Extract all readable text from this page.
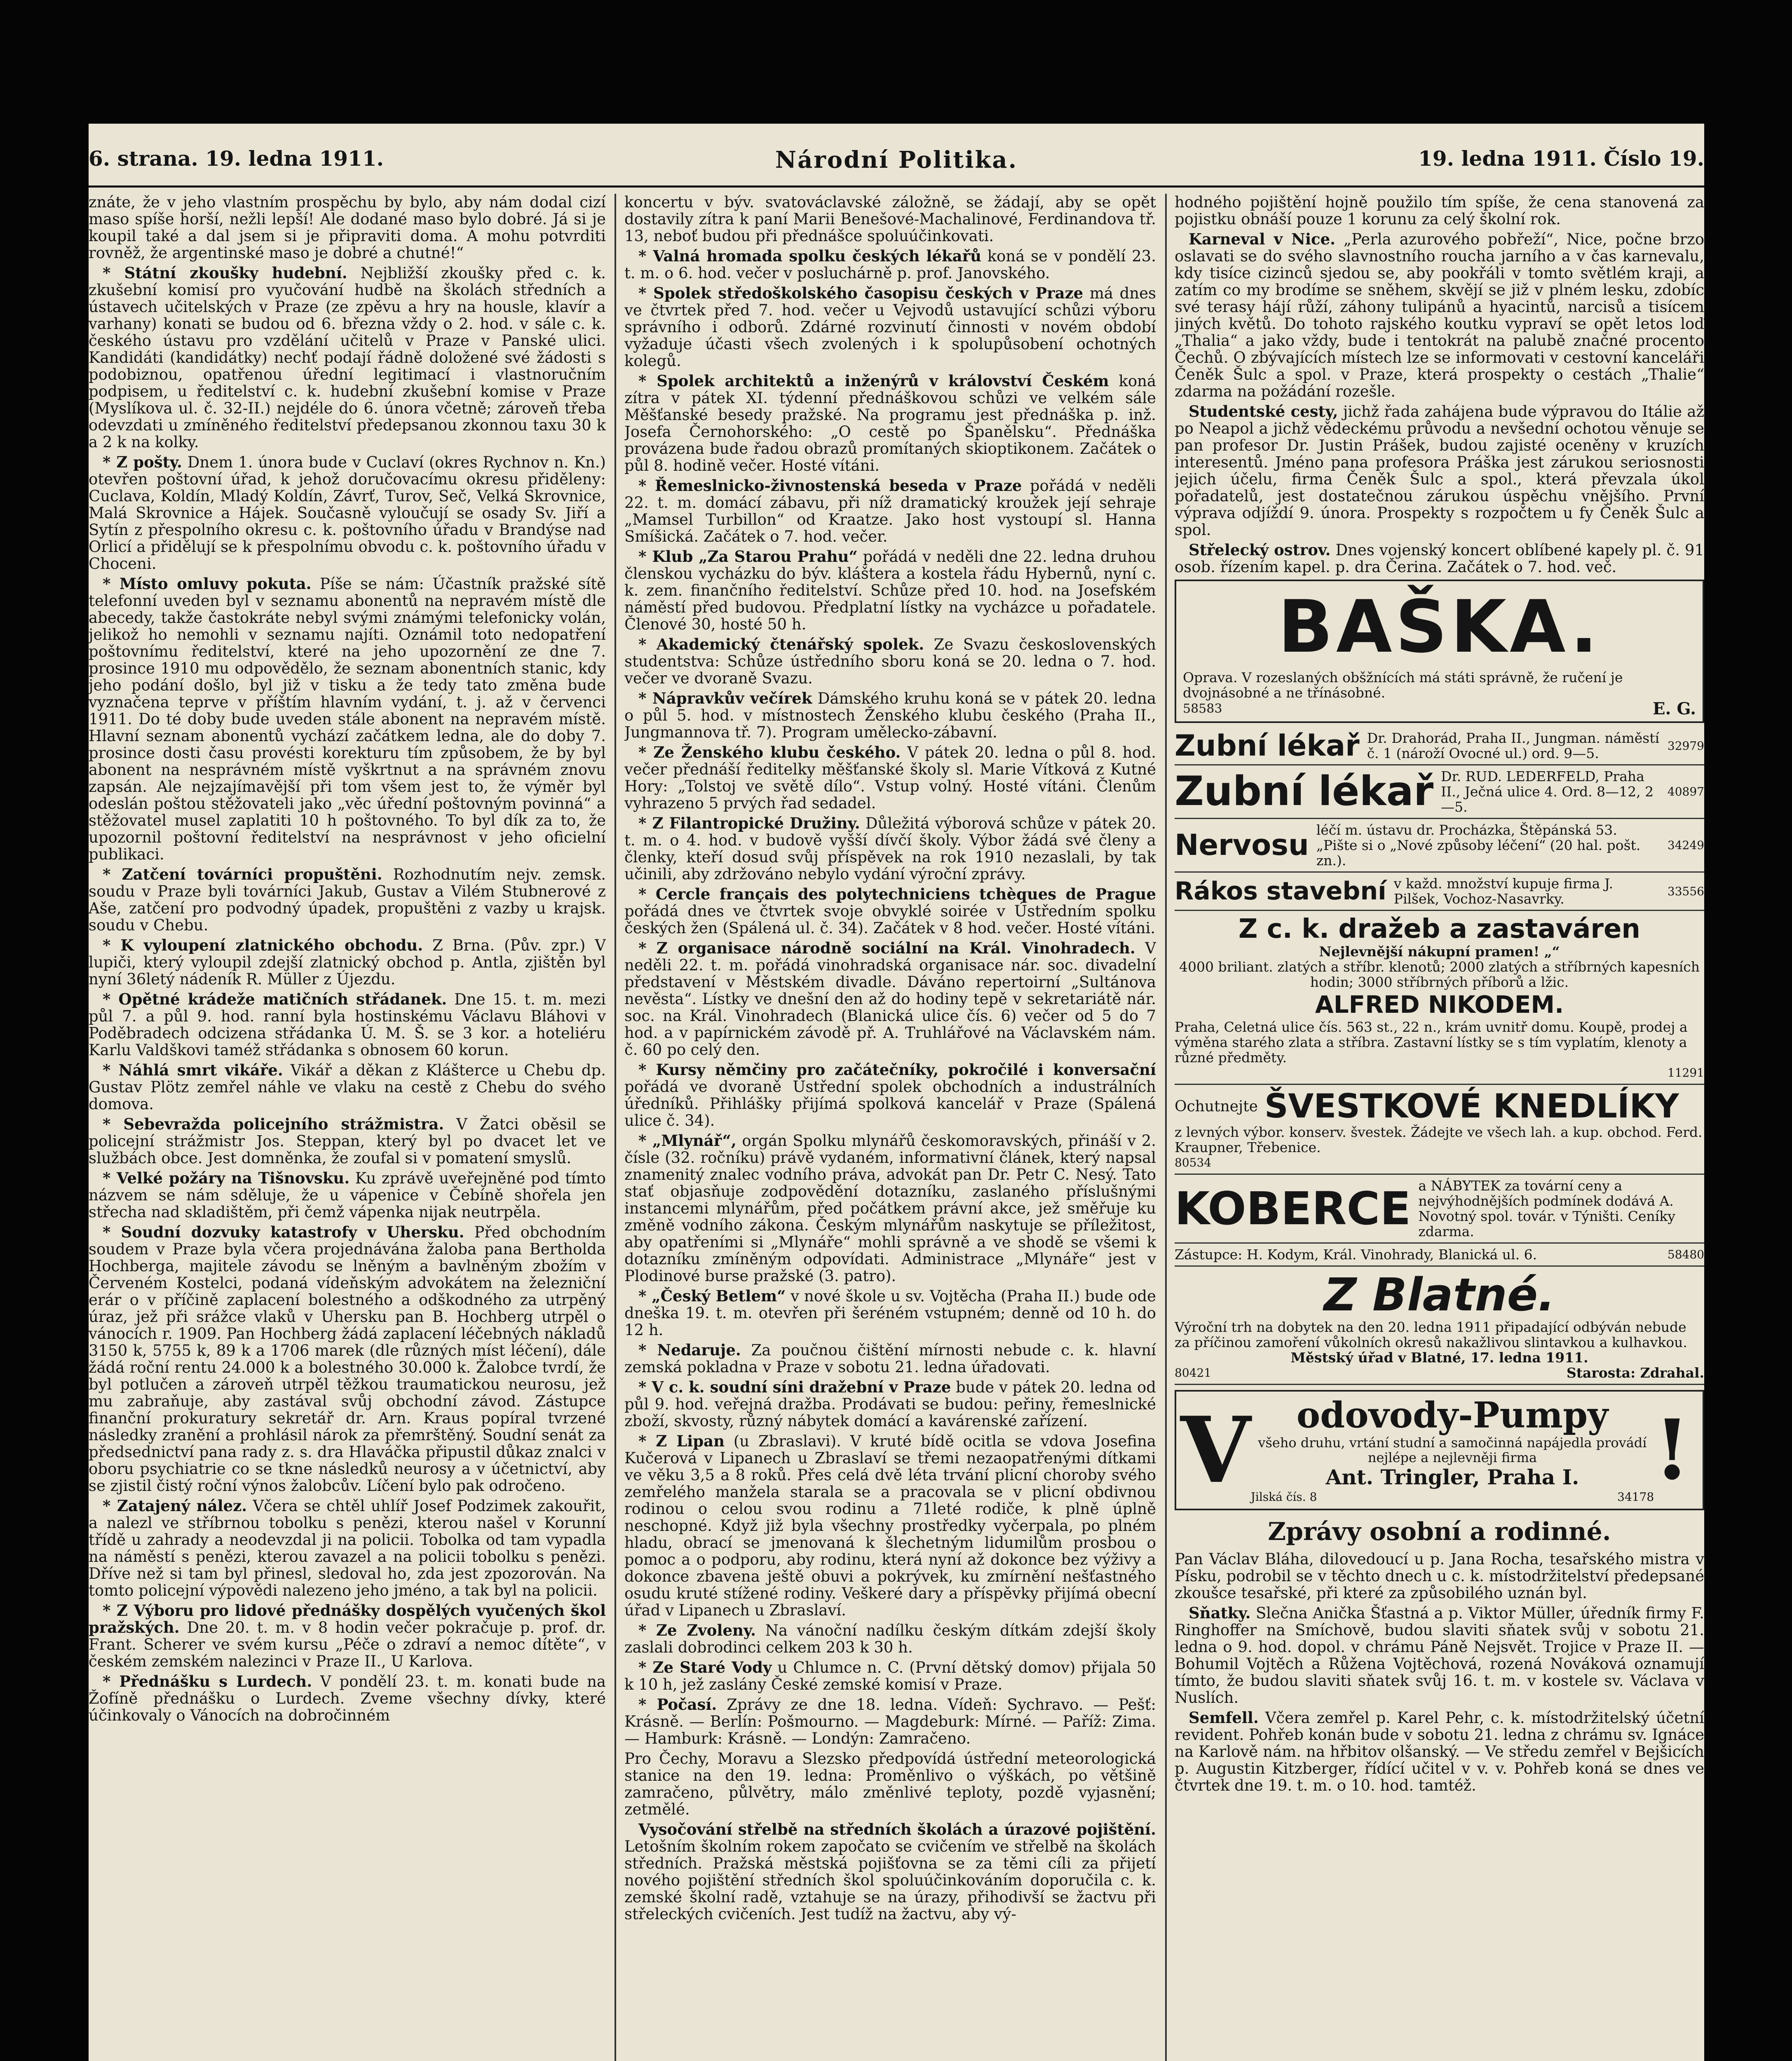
6. strana. 19. ledna 1911.	Národní Politika.	19. ledna 1911. Číslo 19.

znáte, že v jeho vlastním prospěchu by bylo, aby nám dodal cizí maso spíše horší, nežli lepší! Ale dodané maso bylo dobré. Já si je koupil také a dal jsem si je připraviti doma. A mohu potvrditi rovněž, že argentinské maso je dobré a chutné!“

* Státní zkoušky hudební. Nejbližší zkoušky před c. k. zkušební komisí pro vyučování hudbě na školách středních a ústavech učitelských v Praze (ze zpěvu a hry na housle, klavír a varhany) konati se budou od 6. března vždy o 2. hod. v sále c. k. českého ústavu pro vzdělání učitelů v Praze v Panské ulici. Kandidáti (kandidátky) nechť podají řádně doložené své žádosti s podobiznou, opatřenou úřední legitimací i vlastnoručním podpisem, u ředitelství c. k. hudební zkušební komise v Praze (Myslíkova ul. č. 32-II.) nejdéle do 6. února včetně; zároveň třeba odevzdati u zmíněného ředitelství předepsanou zkonnou taxu 30 k a 2 k na kolky.

* Z pošty. Dnem 1. února bude v Cuclaví (okres Rychnov n. Kn.) otevřen poštovní úřad, k jehož doručovacímu okresu přiděleny: Cuclava, Koldín, Mladý Koldín, Závrť, Turov, Seč, Velká Skrovnice, Malá Skrovnice a Hájek. Současně vyloučují se osady Sv. Jiří a Sytín z přespolního okresu c. k. poštovního úřadu v Brandýse nad Orlicí a přidělují se k přespolnímu obvodu c. k. poštovního úřadu v Choceni.

* Místo omluvy pokuta. Píše se nám: Účastník pražské sítě telefonní uveden byl v seznamu abonentů na nepravém místě dle abecedy, takže častokráte nebyl svými známými telefonicky volán, jelikož ho nemohli v seznamu najíti. Oznámil toto nedopatření poštovnímu ředitelství, které na jeho upozornění ze dne 7. prosince 1910 mu odpovědělo, že seznam abonentních stanic, kdy jeho podání došlo, byl již v tisku a že tedy tato změna bude vyznačena teprve v příštím hlavním vydání, t. j. až v červenci 1911. Do té doby bude uveden stále abonent na nepravém místě. Hlavní seznam abonentů vychází začátkem ledna, ale do doby 7. prosince dosti času provésti korekturu tím způsobem, že by byl abonent na nesprávném místě vyškrtnut a na správném znovu zapsán. Ale nejzajímavější při tom všem jest to, že výměr byl odeslán poštou stěžovateli jako „věc úřední poštovným povinná“ a stěžovatel musel zaplatiti 10 h poštovného. To byl dík za to, že upozornil poštovní ředitelství na nesprávnost v jeho oficielní publikaci.

* Zatčení továrníci propuštěni. Rozhodnutím nejv. zemsk. soudu v Praze byli továrníci Jakub, Gustav a Vilém Stubnerové z Aše, zatčení pro podvodný úpadek, propuštěni z vazby u krajsk. soudu v Chebu.

* K vyloupení zlatnického obchodu. Z Brna. (Pův. zpr.) V lupiči, který vyloupil zdejší zlatnický obchod p. Antla, zjištěn byl nyní 36letý nádeník R. Müller z Újezdu.

* Opětné krádeže matičních střádanek. Dne 15. t. m. mezi půl 7. a půl 9. hod. ranní byla hostinskému Václavu Bláhovi v Poděbradech odcizena střádanka Ú. M. Š. se 3 kor. a hoteliéru Karlu Valdškovi taméž střádanka s obnosem 60 korun.

* Náhlá smrt vikáře. Vikář a děkan z Klášterce u Chebu dp. Gustav Plötz zemřel náhle ve vlaku na cestě z Chebu do svého domova.

* Sebevražda policejního strážmistra. V Žatci oběsil se policejní strážmistr Jos. Steppan, který byl po dvacet let ve službách obce. Jest domněnka, že zoufal si v pomatení smyslů.

* Velké požáry na Tišnovsku. Ku zprávě uveřejněné pod tímto názvem se nám sděluje, že u vápenice v Čebíně shořela jen střecha nad skladištěm, při čemž vápenka nijak neutrpěla.

* Soudní dozvuky katastrofy v Uhersku. Před obchodním soudem v Praze byla včera projednávána žaloba pana Bertholda Hochberga, majitele závodu se lněným a bavlněným zbožím v Červeném Kostelci, podaná vídeňským advokátem na železniční erár o v příčině zaplacení bolestného a odškodného za utrpěný úraz, jež při srážce vlaků v Uhersku pan B. Hochberg utrpěl o vánocích r. 1909. Pan Hochberg žádá zaplacení léčebných nákladů 3150 k, 5755 k, 89 k a 1706 marek (dle různých míst léčení), dále žádá roční rentu 24.000 k a bolestného 30.000 k. Žalobce tvrdí, že byl potlučen a zároveň utrpěl těžkou traumatickou neurosu, jež mu zabraňuje, aby zastával svůj obchodní závod. Zástupce finanční prokuratury sekretář dr. Arn. Kraus popíral tvrzené následky zranění a prohlásil nárok za přemrštěný. Soudní senát za předsednictví pana rady z. s. dra Hlaváčka připustil důkaz znalci v oboru psychiatrie co se tkne následků neurosy a v účetnictví, aby se zjistil čistý roční výnos žalobcův. Líčení bylo pak odročeno.

* Zatajený nález. Včera se chtěl uhlíř Josef Podzimek zakouřit, a nalezl ve stříbrnou tobolku s penězi, kterou našel v Korunní třídě u zahrady a neodevzdal ji na policii. Tobolka od tam vypadla na náměstí s penězi, kterou zavazel a na policii tobolku s penězi. Dříve než si tam byl přinesl, sledoval ho, zda jest zpozorován. Na tomto policejní výpovědi nalezeno jeho jméno, a tak byl na policii.

* Z Výboru pro lidové přednášky dospělých vyučených škol pražských. Dne 20. t. m. v 8 hodin večer pokračuje p. prof. dr. Frant. Scherer ve svém kursu „Péče o zdraví a nemoc dítěte“, v českém zemském nalezinci v Praze II., U Karlova.

* Přednášku s Lurdech. V pondělí 23. t. m. konati bude na Žofíně přednášku o Lurdech. Zveme všechny dívky, které účinkovaly o Vánocích na dobročinném

koncertu v býv. svatováclavské záložně, se žádají, aby se opět dostavily zítra k paní Marii Benešové-Machalinové, Ferdinandova tř. 13, neboť budou při přednášce spoluúčinkovati.

* Valná hromada spolku českých lékařů koná se v pondělí 23. t. m. o 6. hod. večer v posluchárně p. prof. Janovského.

* Spolek středoškolského časopisu českých v Praze má dnes ve čtvrtek před 7. hod. večer u Vejvodů ustavující schůzi výboru správního i odborů. Zdárné rozvinutí činnosti v novém období vyžaduje účasti všech zvolených i k spolupůsobení ochotných kolegů.

* Spolek architektů a inženýrů v království Českém koná zítra v pátek XI. týdenní přednáškovou schůzi ve velkém sále Měšťanské besedy pražské. Na programu jest přednáška p. inž. Josefa Černohorského: „O cestě po Španělsku“. Přednáška provázena bude řadou obrazů promítaných skioptikonem. Začátek o půl 8. hodině večer. Hosté vítáni.

* Řemeslnicko-živnostenská beseda v Praze pořádá v neděli 22. t. m. domácí zábavu, při níž dramatický kroužek její sehraje „Mamsel Turbillon“ od Kraatze. Jako host vystoupí sl. Hanna Smíšická. Začátek o 7. hod. večer.

* Klub „Za Starou Prahu“ pořádá v neděli dne 22. ledna druhou členskou vycházku do býv. kláštera a kostela řádu Hybernů, nyní c. k. zem. finančního ředitelství. Schůze před 10. hod. na Josefském náměstí před budovou. Předplatní lístky na vycházce u pořadatele. Členové 30, hosté 50 h.

* Akademický čtenářský spolek. Ze Svazu československých studentstva: Schůze ústředního sboru koná se 20. ledna o 7. hod. večer ve dvoraně Svazu.

* Nápravkův večírek Dámského kruhu koná se v pátek 20. ledna o půl 5. hod. v místnostech Ženského klubu českého (Praha II., Jungmannova tř. 7). Program umělecko-zábavní.

* Ze Ženského klubu českého. V pátek 20. ledna o půl 8. hod. večer přednáší ředitelky měšťanské školy sl. Marie Vítková z Kutné Hory: „Tolstoj ve světě dílo“. Vstup volný. Hosté vítáni. Členům vyhrazeno 5 prvých řad sedadel.

* Z Filantropické Družiny. Důležitá výborová schůze v pátek 20. t. m. o 4. hod. v budově vyšší dívčí školy. Výbor žádá své členy a členky, kteří dosud svůj příspěvek na rok 1910 nezaslali, by tak učinili, aby zdržováno nebylo vydání výroční zprávy.

* Cercle français des polytechniciens tchèques de Prague pořádá dnes ve čtvrtek svoje obvyklé soirée v Ústředním spolku českých žen (Spálená ul. č. 34). Začátek v 8 hod. večer. Hosté vítáni.

* Z organisace národně sociální na Král. Vinohradech. V neděli 22. t. m. pořádá vinohradská organisace nár. soc. divadelní představení v Městském divadle. Dáváno repertoirní „Sultánova nevěsta“. Lístky ve dnešní den až do hodiny tepě v sekretariátě nár. soc. na Král. Vinohradech (Blanická ulice čís. 6) večer od 5 do 7 hod. a v papírnickém závodě př. A. Truhlářové na Václavském nám. č. 60 po celý den.

* Kursy němčiny pro začátečníky, pokročilé i konversační pořádá ve dvoraně Ústřední spolek obchodních a industrálních úředníků. Přihlášky přijímá spolková kancelář v Praze (Spálená ulice č. 34).

* „Mlynář“, orgán Spolku mlynářů českomoravských, přináší v 2. čísle (32. ročníku) právě vydaném, informativní článek, který napsal znamenitý znalec vodního práva, advokát pan Dr. Petr C. Nesý. Tato stať objasňuje zodpovědění dotazníku, zaslaného příslušnými instancemi mlynářům, před počátkem právní akce, jež směřuje ku změně vodního zákona. Českým mlynářům naskytuje se příležitost, aby opatřeními si „Mlynáře“ mohli správně a ve shodě se všemi k dotazníku zmíněným odpovídati. Administrace „Mlynáře“ jest v Plodinové burse pražské (3. patro).

* „Český Betlem“ v nové škole u sv. Vojtěcha (Praha II.) bude ode dneška 19. t. m. otevřen při šeréném vstupném; denně od 10 h. do 12 h.

* Nedaruje. Za poučnou čištění mírnosti nebude c. k. hlavní zemská pokladna v Praze v sobotu 21. ledna úřadovati.

* V c. k. soudní síni dražební v Praze bude v pátek 20. ledna od půl 9. hod. veřejná dražba. Prodávati se budou: peřiny, řemeslnické zboží, skvosty, různý nábytek domácí a kavárenské zařízení.

* Z Lipan (u Zbraslavi). V kruté bídě ocitla se vdova Josefina Kučerová v Lipanech u Zbraslaví se třemi nezaopatřenými dítkami ve věku 3,5 a 8 roků. Přes celá dvě léta trvání plicní choroby svého zemřelého manžela starala se a pracovala se v plicní obdivnou rodinou o celou svou rodinu a 71leté rodiče, k plně úplně neschopné. Když již byla všechny prostředky vyčerpala, po plném hladu, obrací se jmenovaná k šlechetným lidumilům prosbou o pomoc a o podporu, aby rodinu, která nyní až dokonce bez výživy a dokonce zbavena ještě obuvi a pokrývek, ku zmírnění nešťastného osudu kruté stížené rodiny. Veškeré dary a příspěvky přijímá obecní úřad v Lipanech u Zbraslaví.

* Ze Zvoleny. Na vánoční nadílku českým dítkám zdejší školy zaslali dobrodinci celkem 203 k 30 h.

* Ze Staré Vody u Chlumce n. C. (První dětský domov) přijala 50 k 10 h, jež zaslány České zemské komisí v Praze.

* Počasí. Zprávy ze dne 18. ledna. Vídeň: Sychravo. — Pešť: Krásně. — Berlín: Pošmourno. — Magdeburk: Mírné. — Paříž: Zima. — Hamburk: Krásně. — Londýn: Zamračeno.

Pro Čechy, Moravu a Slezsko předpovídá ústřední meteorologická stanice na den 19. ledna: Proměnlivo o výškách, po většině zamračeno, půlvětry, málo změnlivé teploty, pozdě vyjasnění; zetmělé.

Vysočování střelbě na středních školách a úrazové pojištění. Letošním školním rokem započato se cvičením ve střelbě na školách středních. Pražská městská pojišťovna se za těmi cíli za přijetí nového pojištění středních škol spoluúčinkováním doporučila c. k. zemské školní radě, vztahuje se na úrazy, přihodivší se žactvu při střeleckých cvičeních. Jest tudíž na žactvu, aby vý-

hodného pojištění hojně použilo tím spíše, že cena stanovená za pojistku obnáší pouze 1 korunu za celý školní rok.

Karneval v Nice. „Perla azurového pobřeží“, Nice, počne brzo oslavati se do svého slavnostního roucha jarního a v čas karnevalu, kdy tisíce cizinců sjedou se, aby pookřáli v tomto světlém kraji, a zatím co my brodíme se sněhem, skvějí se již v plném lesku, zdobíc své terasy hájí růží, záhony tulipánů a hyacintů, narcisů a tisícem jiných květů. Do tohoto rajského koutku vypraví se opět letos loď „Thalia“ a jako vždy, bude i tentokrát na palubě značné procento Čechů. O zbývajících místech lze se informovati v cestovní kanceláři Čeněk Šulc a spol. v Praze, která prospekty o cestách „Thalie“ zdarma na požádání rozešle.

Studentské cesty, jichž řada zahájena bude výpravou do Itálie až po Neapol a jichž vědeckému průvodu a nevšední ochotou věnuje se pan profesor Dr. Justin Prášek, budou zajisté oceněny v kruzích interesentů. Jméno pana profesora Práška jest zárukou seriosnosti jejich účelu, firma Čeněk Šulc a spol., která převzala úkol pořadatelů, jest dostatečnou zárukou úspěchu vnějšího. První výprava odjíždí 9. února. Prospekty s rozpočtem u fy Čeněk Šulc a spol.

Střelecký ostrov. Dnes vojenský koncert oblíbené kapely pl. č. 91 osob. řízením kapel. p. dra Čerina. Začátek o 7. hod. več.

BAŠKA.
Oprava. V rozeslaných obšžnících má státi správně, že ručení je dvojnásobné a ne třínásobné.
58583	E. G.
Zubní lékař Dr. Drahorád, Praha II., Jungman. náměstí č. 1 (nároží Ovocné ul.) ord. 9—5.	32979
Zubní lékař Dr. RUD. LEDERFELD, Praha II., Ječná ulice 4. Ord. 8—12, 2—5.
40897
Nervosu léčí m. ústavu dr. Procházka, Štěpánská 53. „Pište si o „Nové způsoby léčení“ (20 hal. pošt. zn.).
34249
Rákos stavební v každ. množství kupuje firma J. Pilšek, Vochoz-Nasavrky.	33556
Z c. k. dražeb a zastaváren
Nejlevnější nákupní pramen! „“
4000 briliant. zlatých a stříbr. klenotů; 2000 zlatých a stříbrných kapesních hodin; 3000 stříbrných příborů a lžic.
ALFRED NIKODEM.
Praha, Celetná ulice čís. 563 st., 22 n., krám uvnitř domu. Koupě, prodej a výměna starého zlata a stříbra. Zastavní lístky se s tím vyplatím, klenoty a různé předměty.
11291
Ochutnejte ŠVESTKOVÉ KNEDLÍKY
z levných výbor. konserv. švestek. Žádejte ve všech lah. a kup. obchod. Ferd. Kraupner, Třebenice.
80534
KOBERCE a NÁBYTEK za tovární ceny a nejvýhodnějších podmínek dodává A. Novotný spol. továr. v Týništi. Ceníky zdarma.
Zástupce: H. Kodym, Král. Vinohrady, Blanická ul. 6.	58480
Z Blatné.
Výroční trh na dobytek na den 20. ledna 1911 připadající odbýván nebude za příčinou zamoření vůkolních okresů nakažlivou slintavkou a kulhavkou.
Městský úřad v Blatné, 17. ledna 1911.
80421	Starosta: Zdrahal.
V	odovody-Pumpy
všeho druhu, vrtání studní a samočinná napájedla provádí nejlépe a nejlevněji firma
Ant. Tringler, Praha I.
Jilská čís. 8	34178 !
Zprávy osobní a rodinné.

Pan Václav Bláha, dilovedoucí u p. Jana Rocha, tesařského mistra v Písku, podrobil se v těchto dnech u c. k. místodržitelství předepsané zkoušce tesařské, při které za způsobilého uznán byl.

Sňatky. Slečna Anička Šťastná a p. Viktor Müller, úředník firmy F. Ringhoffer na Smíchově, budou slaviti sňatek svůj v sobotu 21. ledna o 9. hod. dopol. v chrámu Páně Nejsvět. Trojice v Praze II. — Bohumil Vojtěch a Růžena Vojtěchová, rozená Nováková oznamují tímto, že budou slaviti sňatek svůj 16. t. m. v kostele sv. Václava v Nuslích.

Semfell. Včera zemřel p. Karel Pehr, c. k. místodržitelský účetní revident. Pohřeb konán bude v sobotu 21. ledna z chrámu sv. Ignáce na Karlově nám. na hřbitov olšanský. — Ve středu zemřel v Bejšicích p. Augustin Kitzberger, řídící učitel v v. v. Pohřeb koná se dnes ve čtvrtek dne 19. t. m. o 10. hod. tamtéž.
